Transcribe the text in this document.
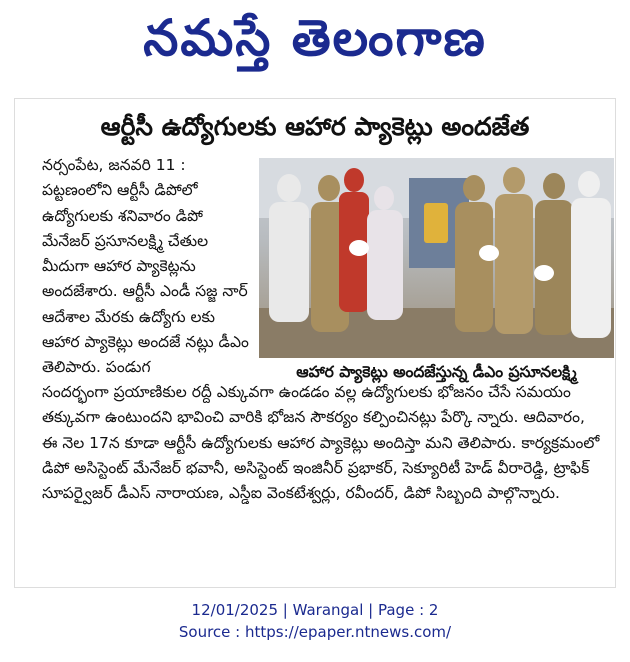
నమస్తే తెలంగాణ
ఆర్టీసీ ఉద్యోగులకు ఆహార ప్యాకెట్లు అందజేత
నర్సంపేట, జనవరి 11 : పట్టణంలోని ఆర్టీసీ డిపోలో ఉద్యోగులకు శనివారం డిపో మేనేజర్ ప్రసూనలక్ష్మి చేతుల మీదుగా ఆహార ప్యాకెట్లను అందజేశారు. ఆర్టీసీ ఎండీ సజ్జ నార్ ఆదేశాల మేరకు ఉద్యోగు లకు ఆహార ప్యాకెట్లు అందజే నట్లు డీఎం తెలిపారు. పండుగ	ఆహార ప్యాకెట్లు అందజేస్తున్న డీఎం ప్రసూనలక్ష్మి
సందర్భంగా ప్రయాణికుల రద్దీ ఎక్కువగా ఉండడం వల్ల ఉద్యోగులకు భోజనం చేసే సమయం తక్కువగా ఉంటుందని భావించి వారికి భోజన సౌకర్యం కల్పించినట్లు పేర్కొ న్నారు. ఆదివారం, ఈ నెల 17న కూడా ఆర్టీసీ ఉద్యోగులకు ఆహార ప్యాకెట్లు అందిస్తా మని తెలిపారు. కార్యక్రమంలో డిపో అసిస్టెంట్ మేనేజర్ భవానీ, అసిస్టెంట్ ఇంజినీర్ ప్రభాకర్, సెక్యూరిటీ హెడ్ వీరారెడ్డి, ట్రాఫిక్ సూపర్వైజర్ డీఎస్ నారాయణ, ఎస్డీఐ వెంకటేశ్వర్లు, రవీందర్, డిపో సిబ్బంది పాల్గొన్నారు.
12/01/2025 | Warangal | Page : 2
Source : https://epaper.ntnews.com/
